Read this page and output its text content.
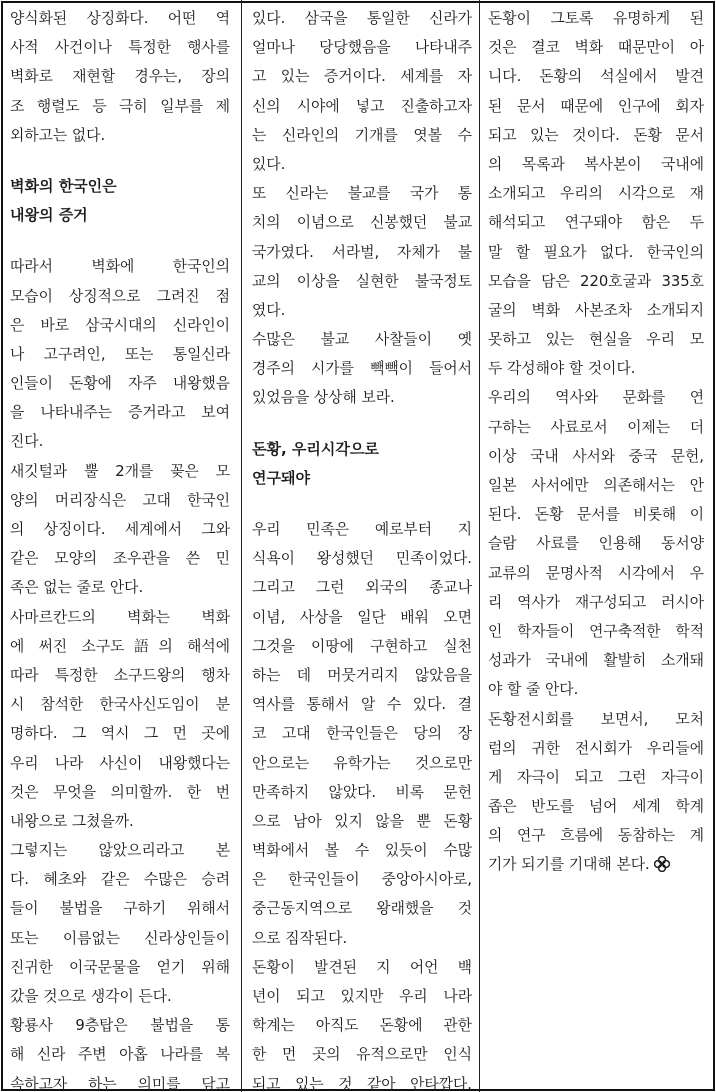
양식화된 상징화다. 어떤 역
사적 사건이나 특정한 행사를
벽화로 재현할 경우는, 장의
조 행렬도 등 극히 일부를 제
외하고는 없다.
벽화의 한국인은
내왕의 증거
따라서 벽화에 한국인의
모습이 상징적으로 그려진 점
은 바로 삼국시대의 신라인이
나 고구려인, 또는 통일신라
인들이 돈황에 자주 내왕했음
을 나타내주는 증거라고 보여
진다.
새깃털과 뿔 2개를 꽂은 모
양의 머리장식은 고대 한국인
의 상징이다. 세계에서 그와
같은 모양의 조우관을 쓴 민
족은 없는 줄로 안다.
사마르칸드의 벽화는 벽화
에 써진 소구도語의 해석에
따라 특정한 소구드왕의 행차
시 참석한 한국사신도임이 분
명하다. 그 역시 그 먼 곳에
우리 나라 사신이 내왕했다는
것은 무엇을 의미할까. 한 번
내왕으로 그쳤을까.
그렇지는 않았으리라고 본
다. 혜초와 같은 수많은 승려
들이 불법을 구하기 위해서
또는 이름없는 신라상인들이
진귀한 이국문물을 얻기 위해
갔을 것으로 생각이 든다.
황룡사 9층탑은 불법을 통
해 신라 주변 아홉 나라를 복
속하고자 하는 의미를 담고
있다. 삼국을 통일한 신라가
얼마나 당당했음을 나타내주
고 있는 증거이다. 세계를 자
신의 시야에 넣고 진출하고자
는 신라인의 기개를 엿볼 수
있다.
또 신라는 불교를 국가 통
치의 이념으로 신봉했던 불교
국가였다. 서라벌, 자체가 불
교의 이상을 실현한 불국정토
였다.
수많은 불교 사찰들이 옛
경주의 시가를 빽빽이 들어서
있었음을 상상해 보라.
돈황, 우리시각으로
연구돼야
우리 민족은 예로부터 지
식욕이 왕성했던 민족이었다.
그리고 그런 외국의 종교나
이념, 사상을 일단 배워 오면
그것을 이땅에 구현하고 실천
하는 데 머뭇거리지 않았음을
역사를 통해서 알 수 있다. 결
코 고대 한국인들은 당의 장
안으로는 유학가는 것으로만
만족하지 않았다. 비록 문헌
으로 남아 있지 않을 뿐 돈황
벽화에서 볼 수 있듯이 수많
은 한국인들이 중앙아시아로,
중근동지역으로 왕래했을 것
으로 짐작된다.
돈황이 발견된 지 어언 백
년이 되고 있지만 우리 나라
학계는 아직도 돈황에 관한
한 먼 곳의 유적으로만 인식
되고 있는 것 같아 안타깝다.
돈황이 그토록 유명하게 된
것은 결코 벽화 때문만이 아
니다. 돈황의 석실에서 발견
된 문서 때문에 인구에 회자
되고 있는 것이다. 돈황 문서
의 목록과 복사본이 국내에
소개되고 우리의 시각으로 재
해석되고 연구돼야 함은 두
말 할 필요가 없다. 한국인의
모습을 담은 220호굴과 335호
굴의 벽화 사본조차 소개되지
못하고 있는 현실을 우리 모
두 각성해야 할 것이다.
우리의 역사와 문화를 연
구하는 사료로서 이제는 더
이상 국내 사서와 중국 문헌,
일본 사서에만 의존해서는 안
된다. 돈황 문서를 비롯해 이
슬람 사료를 인용해 동서양
교류의 문명사적 시각에서 우
리 역사가 재구성되고 러시아
인 학자들이 연구축적한 학적
성과가 국내에 활발히 소개돼
야 할 줄 안다.
돈황전시회를 보면서, 모처
럼의 귀한 전시회가 우리들에
게 자극이 되고 그런 자극이
좁은 반도를 넘어 세계 학계
의 연구 흐름에 동참하는 계
기가 되기를 기대해 본다.
